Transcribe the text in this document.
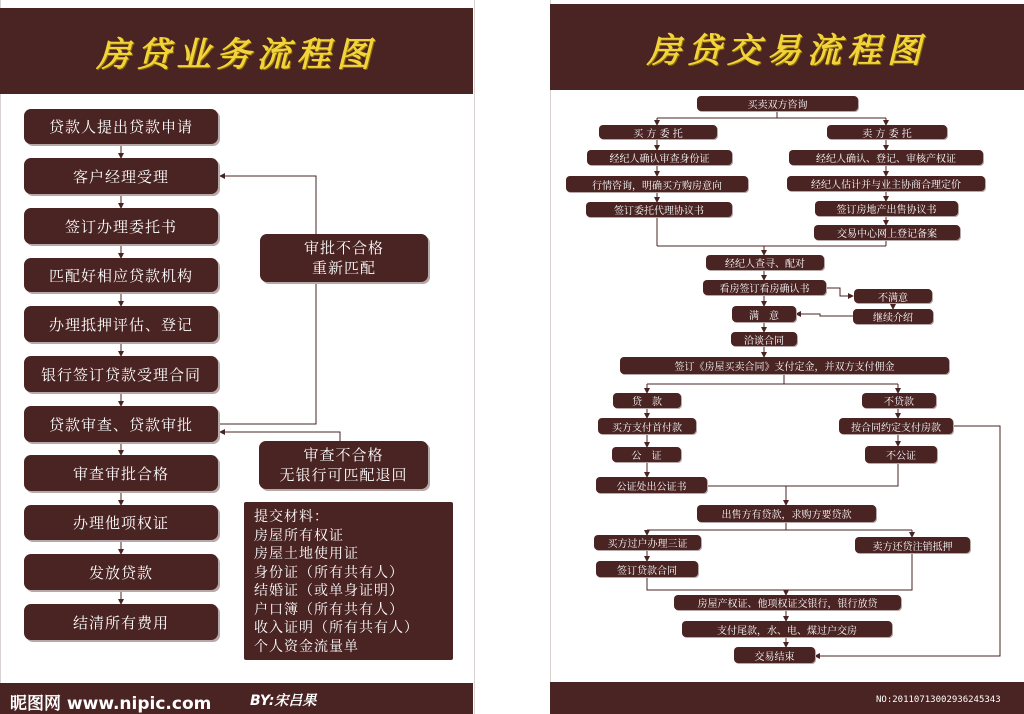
房贷业务流程图	房贷交易流程图
贷款人提出贷款申请
客户经理受理
签订办理委托书
匹配好相应贷款机构
办理抵押评估、登记
银行签订贷款受理合同
贷款审查、贷款审批
审查审批合格
办理他项权证
发放贷款
结清所有费用
审批不合格
重新匹配
审查不合格
无银行可匹配退回
提交材料：
房屋所有权证
房屋土地使用证
身份证（所有共有人）
结婚证（或单身证明）
户口簿（所有共有人）
收入证明（所有共有人）
个人资金流量单
买卖双方咨询
买 方 委 托	卖 方 委 托
经纪人确认审查身份证
行情咨询，明确买方购房意向
签订委托代理协议书
经纪人确认、登记、审核产权证
经纪人估计并与业主协商合理定价
签订房地产出售协议书
交易中心网上登记备案
经纪人查寻、配对
看房签订看房确认书
不满意
继续介绍
满　意
洽谈合同
签订《房屋买卖合同》支付定金，并双方支付佣金
贷　款	不贷款
买方支付首付款	按合同约定支付房款
公　证	不公证
公证处出公证书
出售方有贷款，求购方要贷款
买方过户办理三证	卖方还贷注销抵押
签订贷款合同
房屋产权证、他项权证交银行，银行放贷
支付尾款，水、电、煤过户交房
交易结束
昵图网 www.nipic.com	BY:宋吕果	NO:20110713002936245343
